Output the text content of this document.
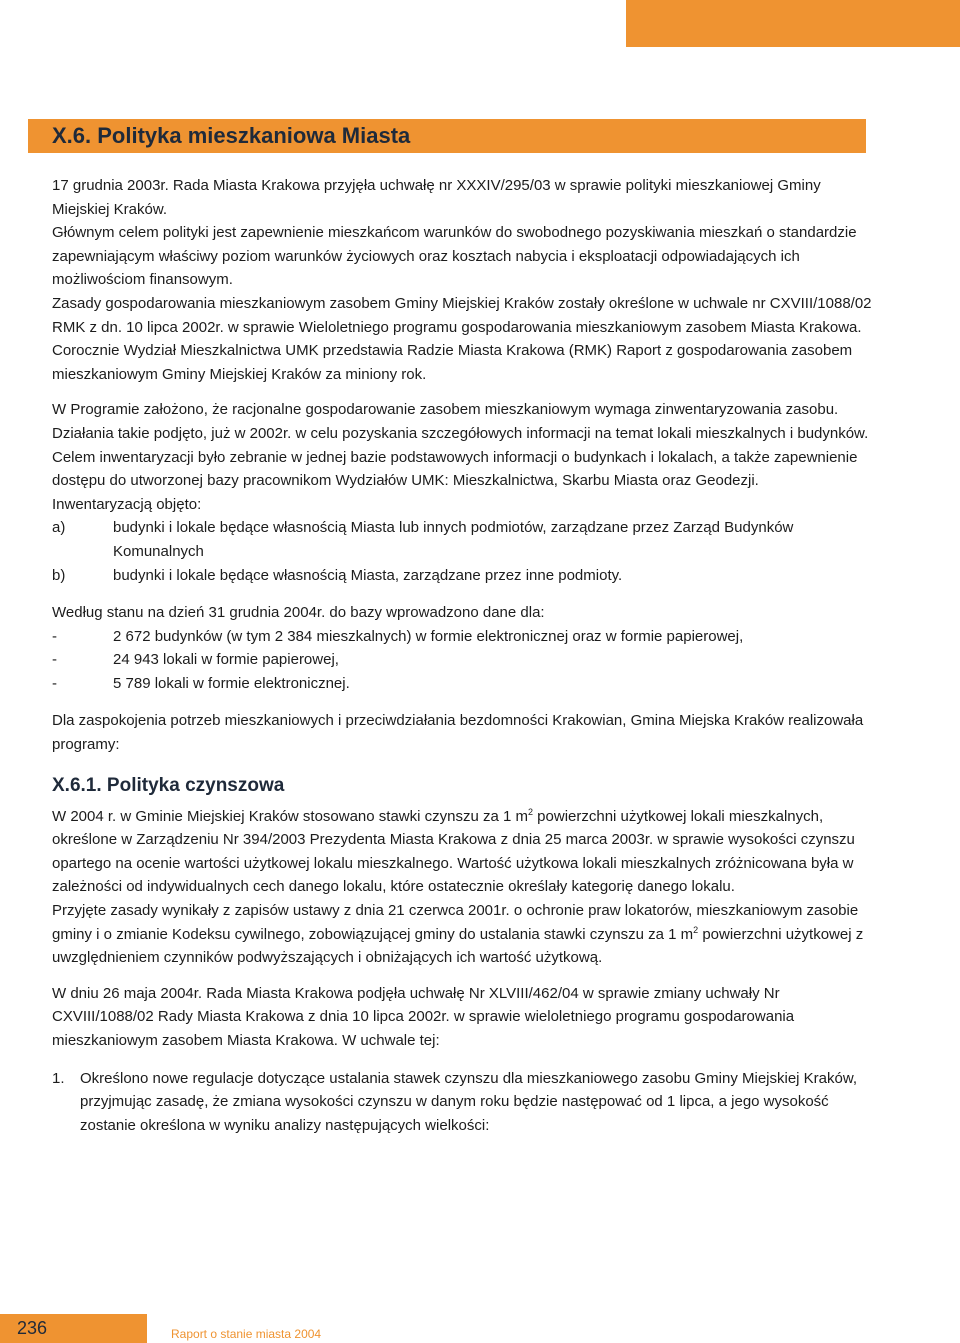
X.6. Polityka mieszkaniowa Miasta

17 grudnia 2003r. Rada Miasta Krakowa przyjęła uchwałę nr XXXIV/295/03 w sprawie polityki mieszkaniowej Gminy Miejskiej Kraków.

Głównym celem polityki jest zapewnienie mieszkańcom warunków do swobodnego pozyskiwania mieszkań o standardzie zapewniającym właściwy poziom warunków życiowych oraz kosztach nabycia i eksploatacji odpowiadających ich możliwościom finansowym.

Zasady gospodarowania mieszkaniowym zasobem Gminy Miejskiej Kraków zostały określone w uchwale nr CXVIII/1088/02 RMK z dn. 10 lipca 2002r. w sprawie Wieloletniego programu gospodarowania mieszkaniowym zasobem Miasta Krakowa. Corocznie Wydział Mieszkalnictwa UMK przedstawia Radzie Miasta Krakowa (RMK) Raport z gospodarowania zasobem mieszkaniowym Gminy Miejskiej Kraków za miniony rok.

W Programie założono, że racjonalne gospodarowanie zasobem mieszkaniowym wymaga zinwentaryzowania zasobu. Działania takie podjęto, już w 2002r. w celu pozyskania szczegółowych informacji na temat lokali mieszkalnych i budynków.

Celem inwentaryzacji było zebranie w jednej bazie podstawowych informacji o budynkach i lokalach, a także zapewnienie dostępu do utworzonej bazy pracownikom Wydziałów UMK: Mieszkalnictwa, Skarbu Miasta oraz Geodezji.

Inwentaryzacją objęto:

a)	budynki i lokale będące własnością Miasta lub innych podmiotów, zarządzane przez Zarząd Budynków Komunalnych
b)	budynki i lokale będące własnością Miasta, zarządzane przez inne podmioty.

Według stanu na dzień 31 grudnia 2004r. do bazy wprowadzono dane dla:

-	2 672 budynków (w tym 2 384 mieszkalnych) w formie elektronicznej oraz w formie papierowej,
-	24 943 lokali w formie papierowej,
-	5 789 lokali w formie elektronicznej.

Dla zaspokojenia potrzeb mieszkaniowych i przeciwdziałania bezdomności Krakowian, Gmina Miejska Kraków realizowała programy:

X.6.1. Polityka czynszowa

W 2004 r. w Gminie Miejskiej Kraków stosowano stawki czynszu za 1 $m^2$ powierzchni użytkowej lokali mieszkalnych, określone w Zarządzeniu Nr 394/2003 Prezydenta Miasta Krakowa z dnia 25 marca 2003r. w sprawie wysokości czynszu opartego na ocenie wartości użytkowej lokalu mieszkalnego. Wartość użytkowa lokali mieszkalnych zróżnicowana była w zależności od indywidualnych cech danego lokalu, które ostatecznie określały kategorię danego lokalu.

Przyjęte zasady wynikały z zapisów ustawy z dnia 21 czerwca 2001r. o ochronie praw lokatorów, mieszkaniowym zasobie gminy i o zmianie Kodeksu cywilnego, zobowiązującej gminy do ustalania stawki czynszu za 1 $m^2$ powierzchni użytkowej z uwzględnieniem czynników podwyższających i obniżających ich wartość użytkową.

W dniu 26 maja 2004r. Rada Miasta Krakowa podjęła uchwałę Nr XLVIII/462/04 w sprawie zmiany uchwały Nr CXVIII/1088/02 Rady Miasta Krakowa z dnia 10 lipca 2002r. w sprawie wieloletniego programu gospodarowania mieszkaniowym zasobem Miasta Krakowa. W uchwale tej:

1.	Określono nowe regulacje dotyczące ustalania stawek czynszu dla mieszkaniowego zasobu Gminy Miejskiej Kraków, przyjmując zasadę, że zmiana wysokości czynszu w danym roku będzie następować od 1 lipca, a jego wysokość zostanie określona w wyniku analizy następujących wielkości:
236	Raport o stanie miasta 2004
